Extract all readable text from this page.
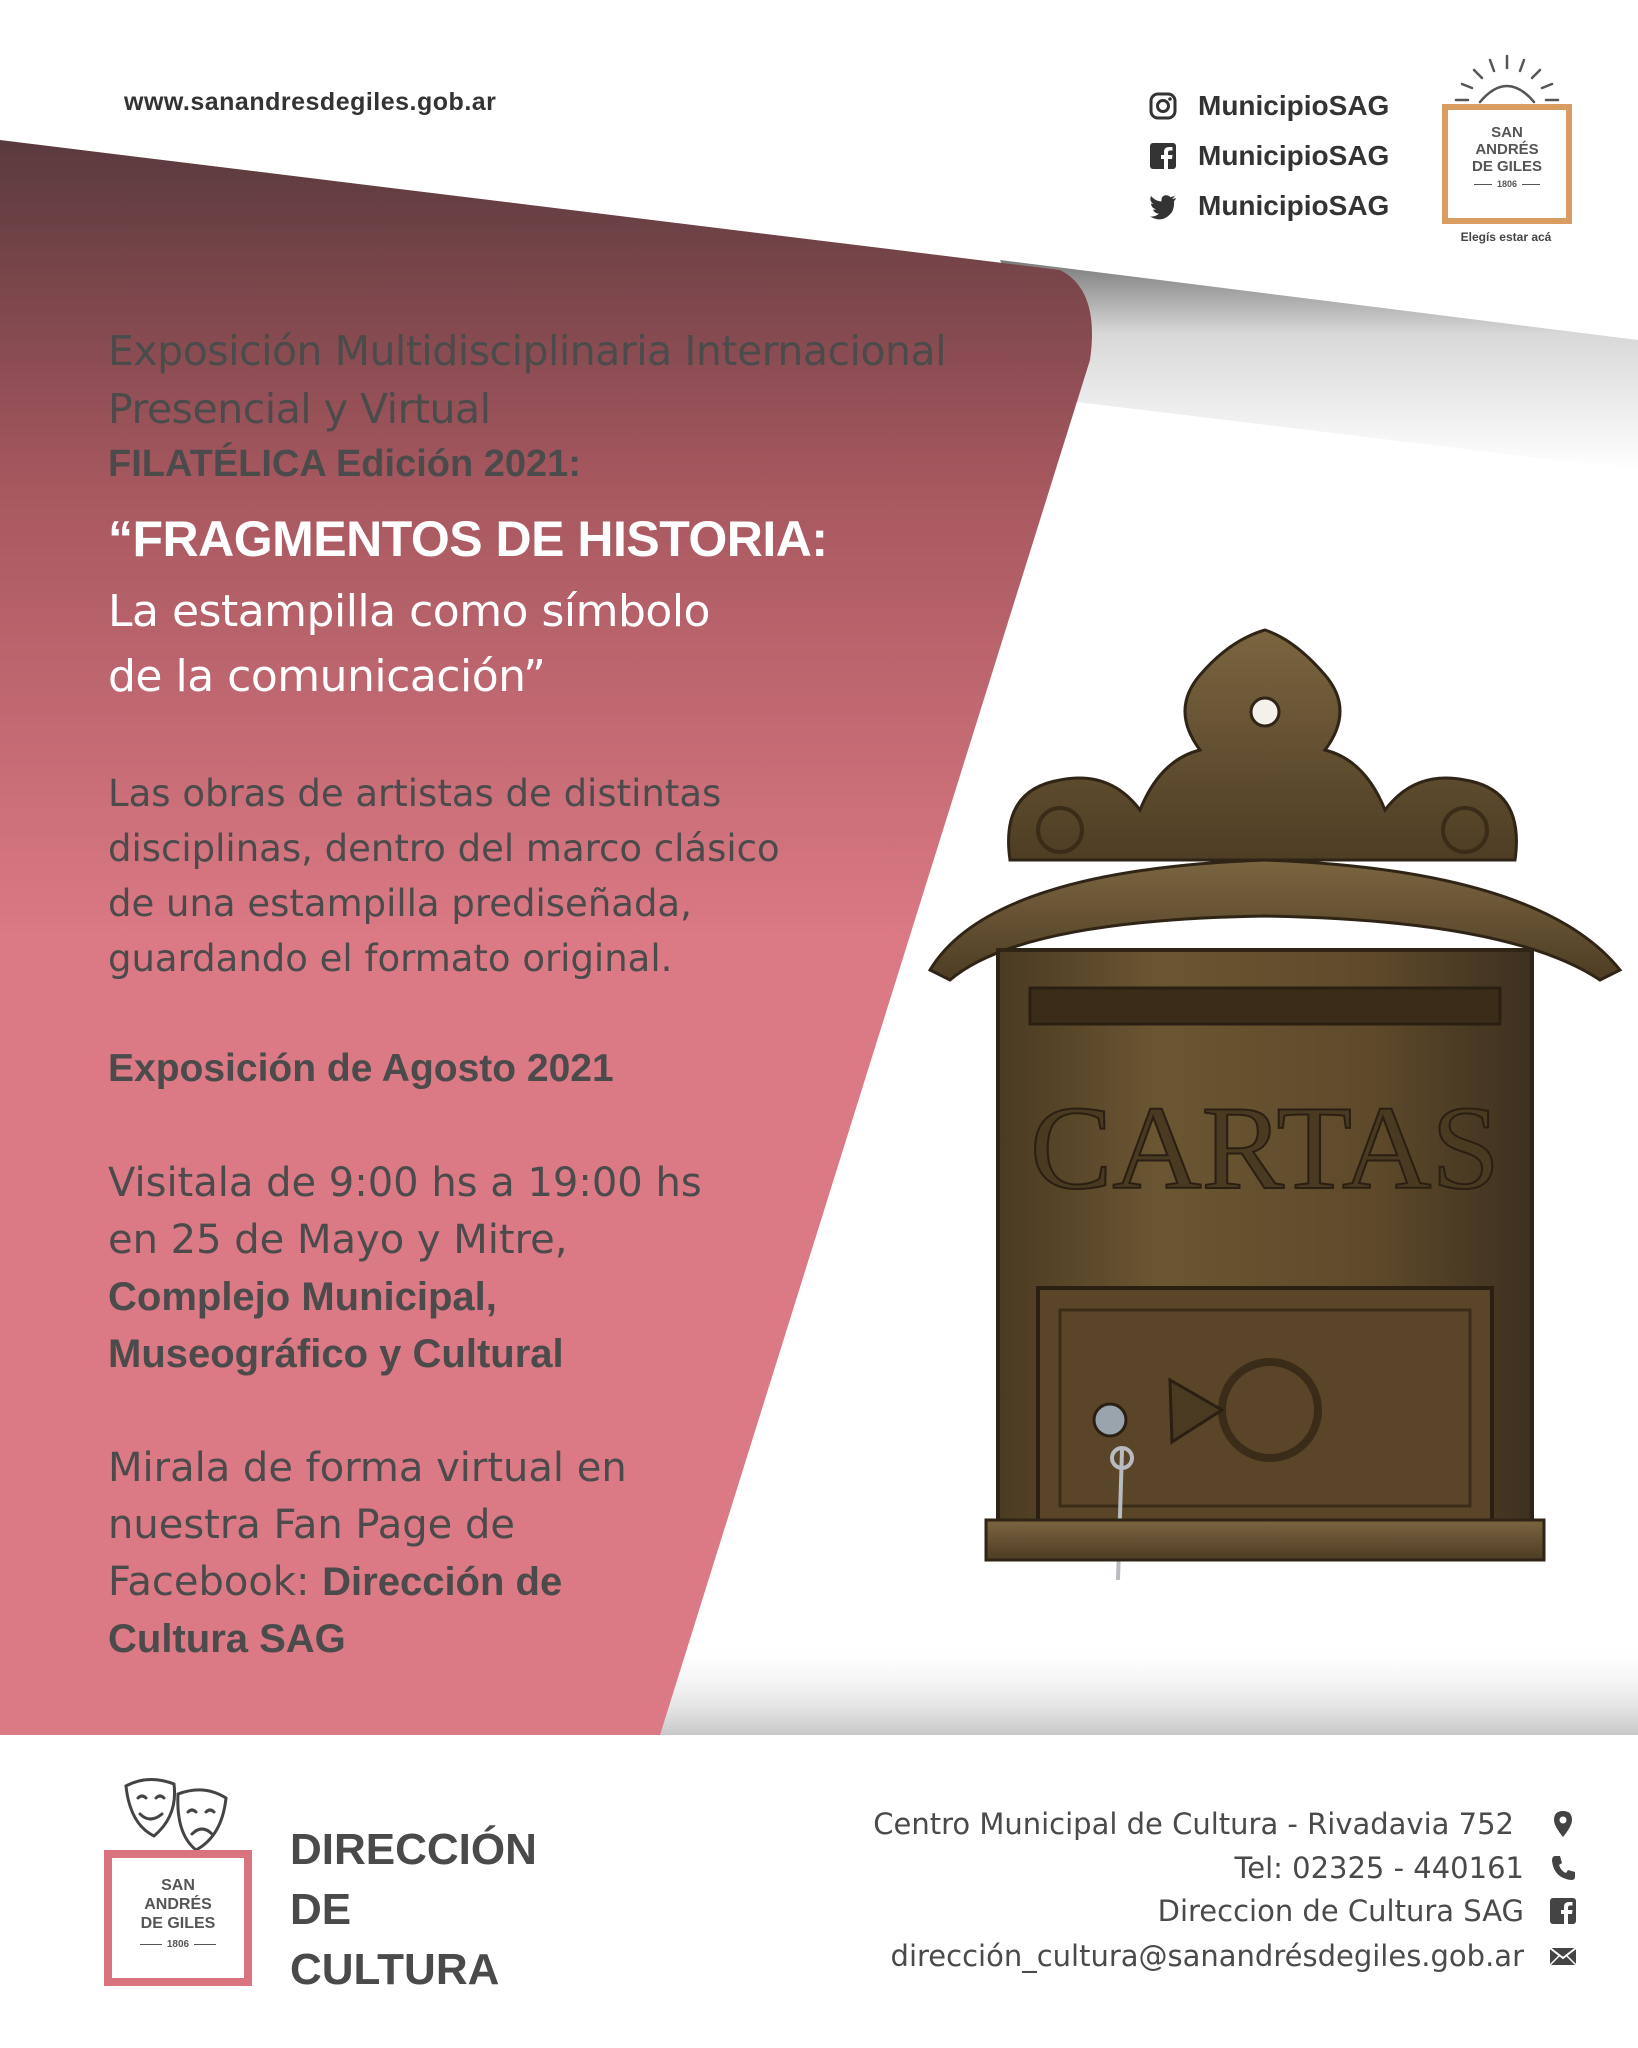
www.sanandresdegiles.gob.ar	MunicipioSAG
MunicipioSAG
MunicipioSAG
SAN
ANDRÉS
DE GILES
1806
Elegís estar acá
Exposición Multidisciplinaria Internacional
Presencial y Virtual
FILATÉLICA Edición 2021:
“FRAGMENTOS DE HISTORIA:
La estampilla como símbolo
de la comunicación”
Las obras de artistas de distintas
disciplinas, dentro del marco clásico
de una estampilla prediseñada,
guardando el formato original.
Exposición de Agosto 2021
Visitala de 9:00 hs a 19:00 hs
en 25 de Mayo y Mitre,
Complejo Municipal,
Museográfico y Cultural
Mirala de forma virtual en
nuestra Fan Page de
Facebook: Dirección de
Cultura SAG
CARTAS
SAN
ANDRÉS
DE GILES
1806
DIRECCIÓN
DE
CULTURA
Centro Municipal de Cultura - Rivadavia 752
Tel: 02325 - 440161
Direccion de Cultura SAG
dirección_cultura@sanandrésdegiles.gob.ar
